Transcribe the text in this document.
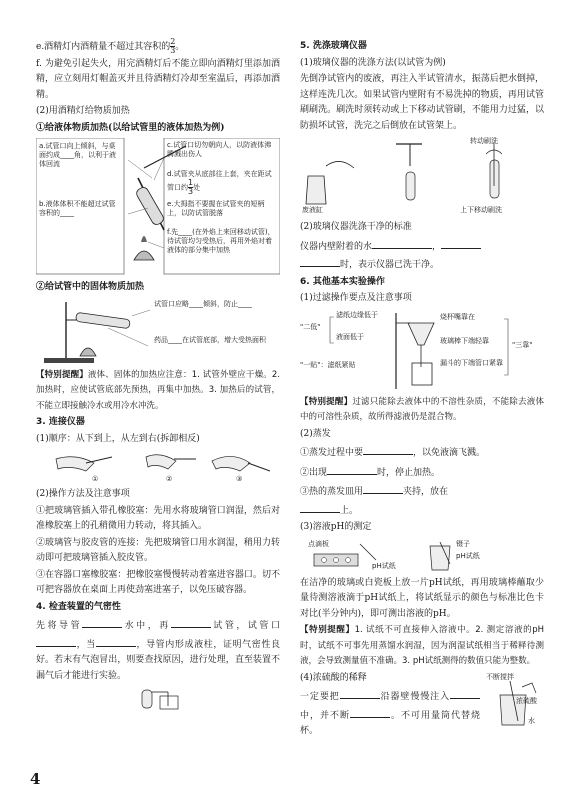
e.酒精灯内酒精量不超过其容积的 $\frac{2}{3}$ 。

f. 为避免引起失火，用完酒精灯后不能立即向酒精灯里添加酒精，应立刻用灯帽盖灭并且待酒精灯冷却至室温后，再添加酒精。

(2)用酒精灯给物质加热

①给液体物质加热(以给试管里的液体加热为例)

a.试管口向上倾斜，与桌面约成____角，以利于液体回流
b.液体体积不能超过试管容积的____
c.试管口切勿朝向人，以防液体沸腾溅出伤人
d.试管夹从底部往上套，夹在距试管口约 $\frac{1}{3}$ 处
e.大拇指不要握在试管夹的短柄上，以防试管脱落
f.先____(在外焰上来回移动试管)，待试管均匀受热后，再用外焰对着液体的部分集中加热

②给试管中的固体物质加热

试管口应略____倾斜，防止____
药品____在试管底部，增大受热面积

【特别提醒】液体、固体的加热应注意：1. 试管外壁应干燥。2. 加热时，应使试管底部先预热，再集中加热。3. 加热后的试管，不能立即接触冷水或用冷水冲洗。

3. 连接仪器

(1)顺序：从下到上，从左到右(拆卸相反)

①	②	③

(2)操作方法及注意事项

①把玻璃管插入带孔橡胶塞：先用水将玻璃管口润湿，然后对准橡胶塞上的孔稍微用力转动，将其插入。

②玻璃管与胶皮管的连接：先把玻璃管口用水润湿，稍用力转动即可把玻璃管插入胶皮管。

③在容器口塞橡胶塞：把橡胶塞慢慢转动着塞进容器口。切不可把容器放在桌面上再使劲塞进塞子，以免压破容器。

4. 检查装置的气密性

先将导管	水中，再	试管，试管口，当	，导管内形成液柱，证明气密性良好。若末有气泡冒出，则要查找原因，进行处理，直至装置不漏气后才能进行实验。

5. 洗涤玻璃仪器

(1)玻璃仪器的洗涤方法(以试管为例)

先倒净试管内的废液，再注入半试管清水，振荡后把水倒掉，这样连洗几次。如果试管内壁附有不易洗掉的物质，再用试管刷刷洗。刷洗时须转动或上下移动试管刷，不能用力过猛，以防损坏试管，洗完之后倒放在试管架上。

废液缸	上下移动刷洗
转动刷洗

(2)玻璃仪器洗涤干净的标准

仪器内壁附着的水	，
时，表示仪器已洗干净。

6. 其他基本实验操作

(1)过滤操作要点及注意事项

"二低"
滤纸边缘低于
液面低于
"一贴"：滤纸紧贴
烧杯嘴靠在
玻璃棒下端轻靠
漏斗的下端管口紧靠
"三靠"

【特别提醒】过滤只能除去液体中的不溶性杂质，不能除去液体中的可溶性杂质，故所得滤液仍是混合物。

(2)蒸发

①蒸发过程中要	，以免液滴飞溅。

②出现	时，停止加热。

③热的蒸发皿用	夹持，放在
上。

(3)溶液pH的测定

点滴板
pH试纸
镊子
pH试纸

在洁净的玻璃或白瓷板上放一片pH试纸，再用玻璃棒蘸取少量待测溶液滴于pH试纸上，将试纸显示的颜色与标准比色卡对比(半分钟内)，即可测出溶液的pH。

【特别提醒】1. 试纸不可直接伸入溶液中。2. 测定溶液的pH时，试纸不可事先用蒸馏水润湿，因为润湿试纸相当于稀释待测液，会导致测量值不准确。3. pH试纸测得的数值只能为整数。

(4)浓硫酸的稀释

一定要把	沿器壁慢慢注入中，并不断	。不可用量筒代替烧杯。

不断搅拌
浓硫酸
水
4
